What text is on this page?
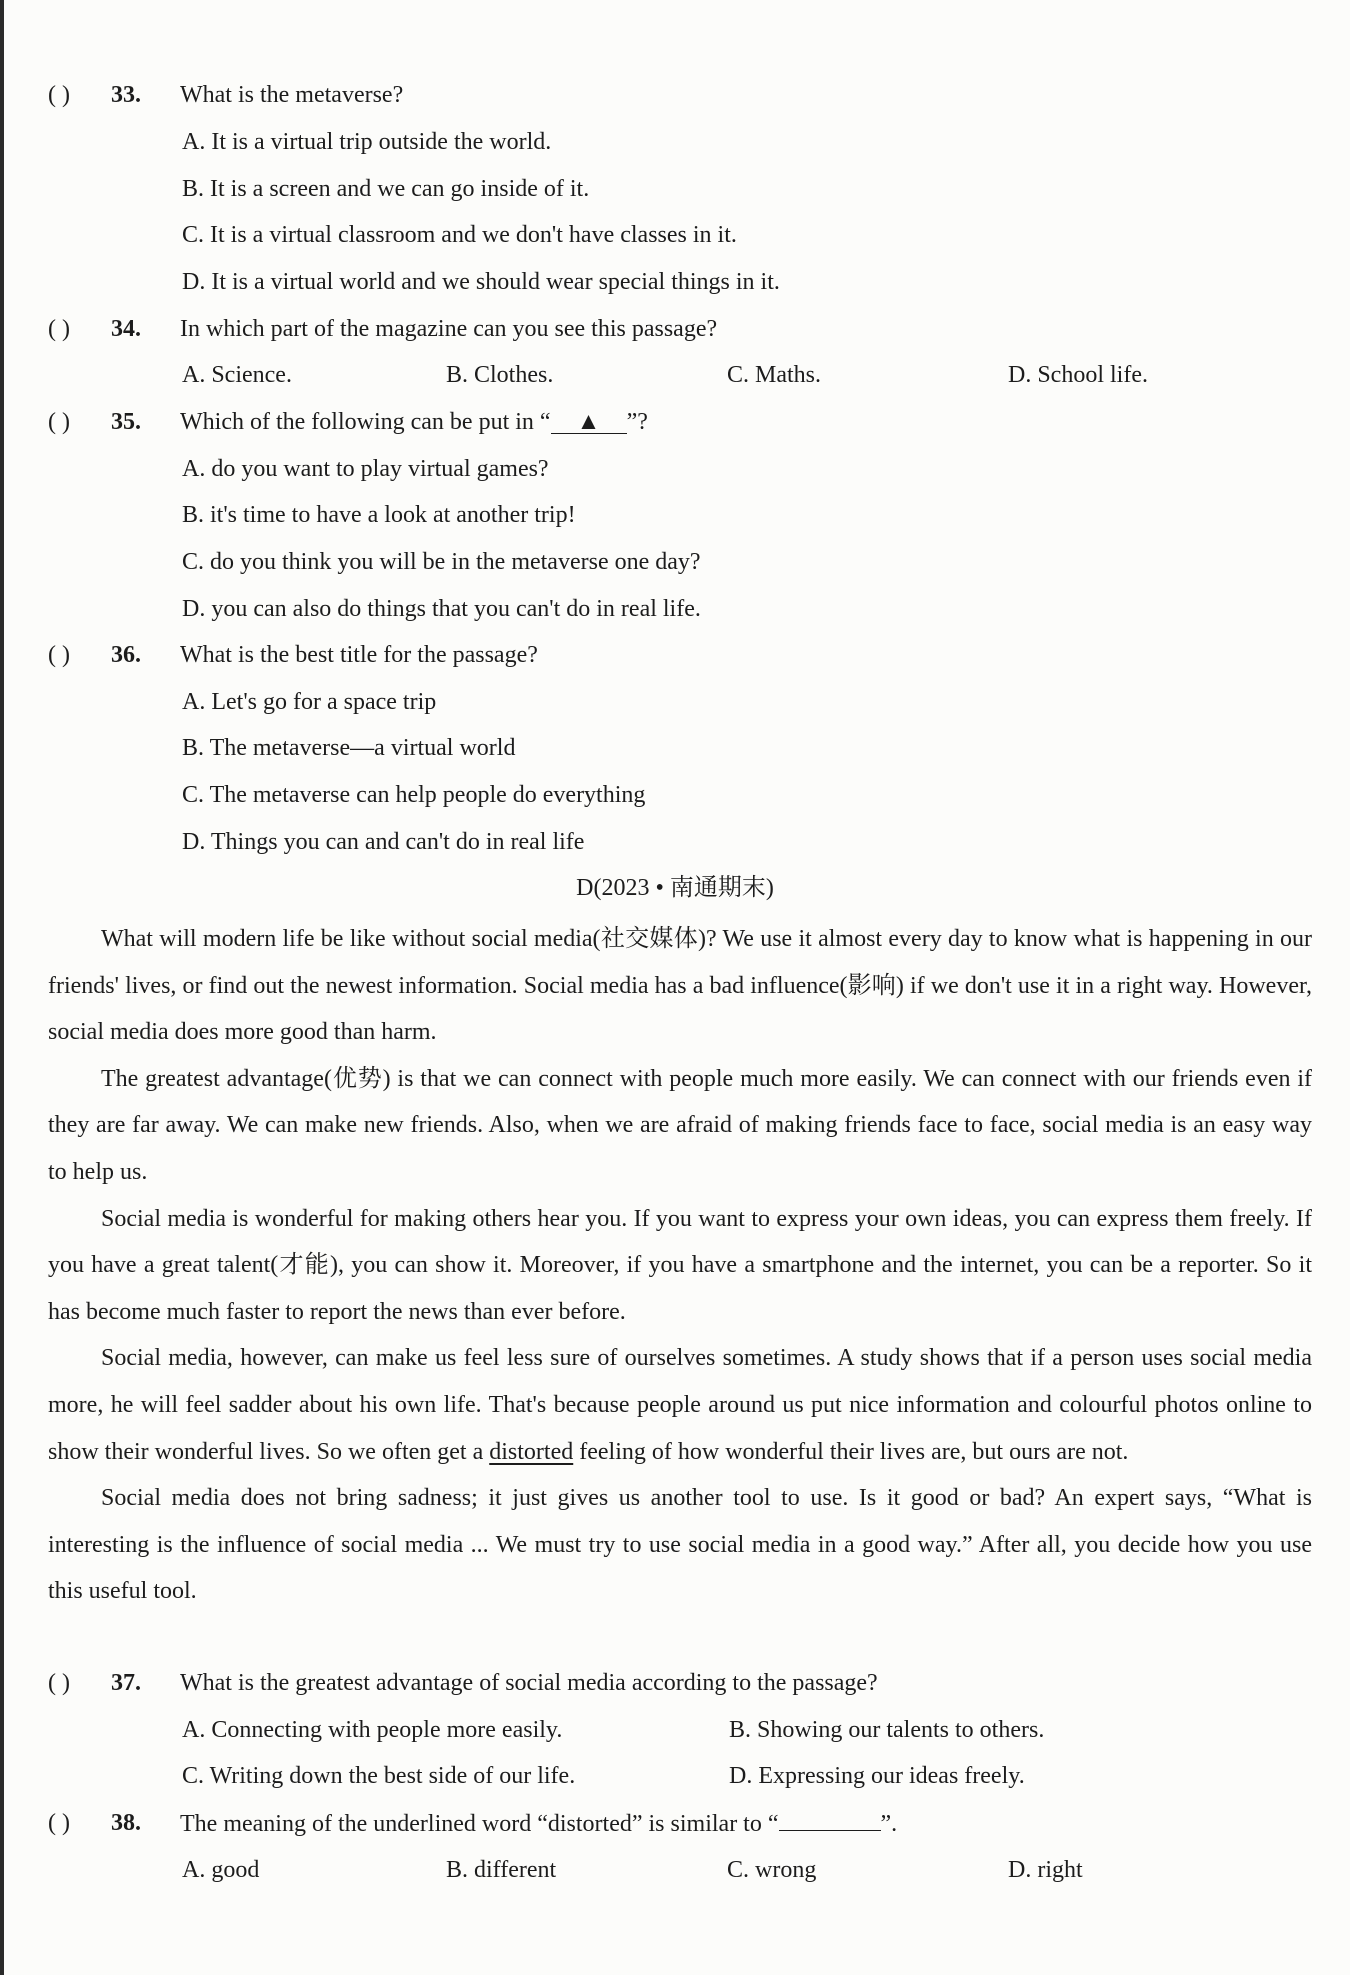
( ) 33. What is the metaverse?
A. It is a virtual trip outside the world.
B. It is a screen and we can go inside of it.
C. It is a virtual classroom and we don't have classes in it.
D. It is a virtual world and we should wear special things in it.
( ) 34. In which part of the magazine can you see this passage?
A. Science.	B. Clothes.	C. Maths.	D. School life.
( ) 35. Which of the following can be put in “ ▲ ”?
A. do you want to play virtual games?
B. it's time to have a look at another trip!
C. do you think you will be in the metaverse one day?
D. you can also do things that you can't do in real life.
( ) 36. What is the best title for the passage?
A. Let's go for a space trip
B. The metaverse—a virtual world
C. The metaverse can help people do everything
D. Things you can and can't do in real life
D(2023 • 南通期末)

What will modern life be like without social media(社交媒体)? We use it almost every day to know what is happening in our friends' lives, or find out the newest information. Social media has a bad influence(影响) if we don't use it in a right way. However, social media does more good than harm.

The greatest advantage(优势) is that we can connect with people much more easily. We can connect with our friends even if they are far away. We can make new friends. Also, when we are afraid of making friends face to face, social media is an easy way to help us.

Social media is wonderful for making others hear you. If you want to express your own ideas, you can express them freely. If you have a great talent(才能), you can show it. Moreover, if you have a smartphone and the internet, you can be a reporter. So it has become much faster to report the news than ever before.

Social media, however, can make us feel less sure of ourselves sometimes. A study shows that if a person uses social media more, he will feel sadder about his own life. That's because people around us put nice information and colourful photos online to show their wonderful lives. So we often get a distorted feeling of how wonderful their lives are, but ours are not.

Social media does not bring sadness; it just gives us another tool to use. Is it good or bad? An expert says, “What is interesting is the influence of social media ... We must try to use social media in a good way.” After all, you decide how you use this useful tool.

( ) 37. What is the greatest advantage of social media according to the passage?
A. Connecting with people more easily.	B. Showing our talents to others.
C. Writing down the best side of our life.	D. Expressing our ideas freely.
( ) 38. The meaning of the underlined word “distorted” is similar to “	”.
A. good	B. different	C. wrong	D. right
